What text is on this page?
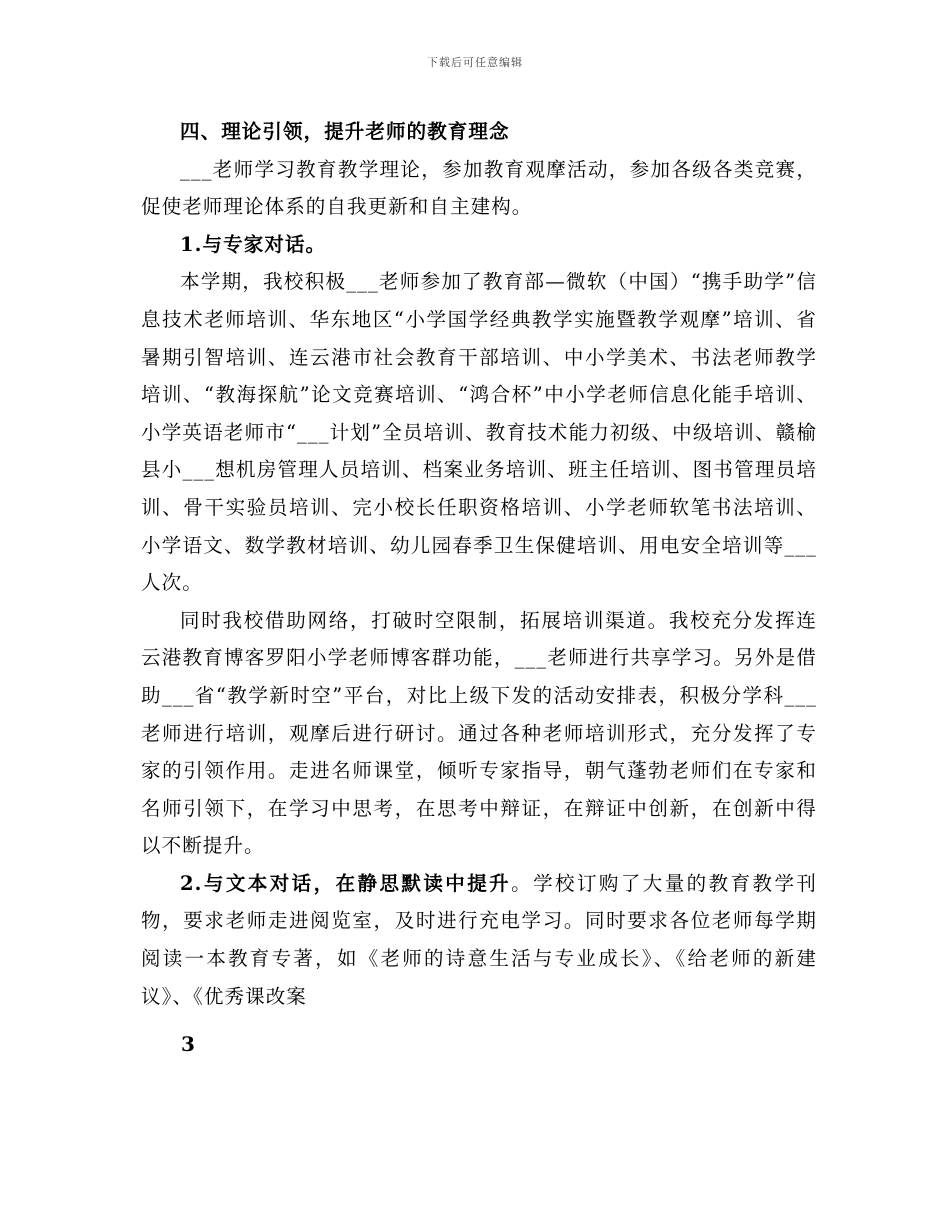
下载后可任意编辑

四、理论引领，提升老师的教育理念

___老师学习教育教学理论，参加教育观摩活动，参加各级各类竞赛，促使老师理论体系的自我更新和自主建构。

1.与专家对话。

本学期，我校积极___老师参加了教育部—微软（中国）“携手助学”信息技术老师培训、华东地区“小学国学经典教学实施暨教学观摩”培训、省暑期引智培训、连云港市社会教育干部培训、中小学美术、书法老师教学培训、“教海探航”论文竞赛培训、“鸿合杯”中小学老师信息化能手培训、小学英语老师市“___计划”全员培训、教育技术能力初级、中级培训、赣榆县小___想机房管理人员培训、档案业务培训、班主任培训、图书管理员培训、骨干实验员培训、完小校长任职资格培训、小学老师软笔书法培训、小学语文、数学教材培训、幼儿园春季卫生保健培训、用电安全培训等___人次。

同时我校借助网络，打破时空限制，拓展培训渠道。我校充分发挥连云港教育博客罗阳小学老师博客群功能，___老师进行共享学习。另外是借助___省“教学新时空”平台，对比上级下发的活动安排表，积极分学科___老师进行培训，观摩后进行研讨。通过各种老师培训形式，充分发挥了专家的引领作用。走进名师课堂，倾听专家指导，朝气蓬勃老师们在专家和名师引领下，在学习中思考，在思考中辩证，在辩证中创新，在创新中得以不断提升。

2.与文本对话，在静思默读中提升。学校订购了大量的教育教学刊物，要求老师走进阅览室，及时进行充电学习。同时要求各位老师每学期阅读一本教育专著，如《老师的诗意生活与专业成长》、《给老师的新建议》、《优秀课改案

3
